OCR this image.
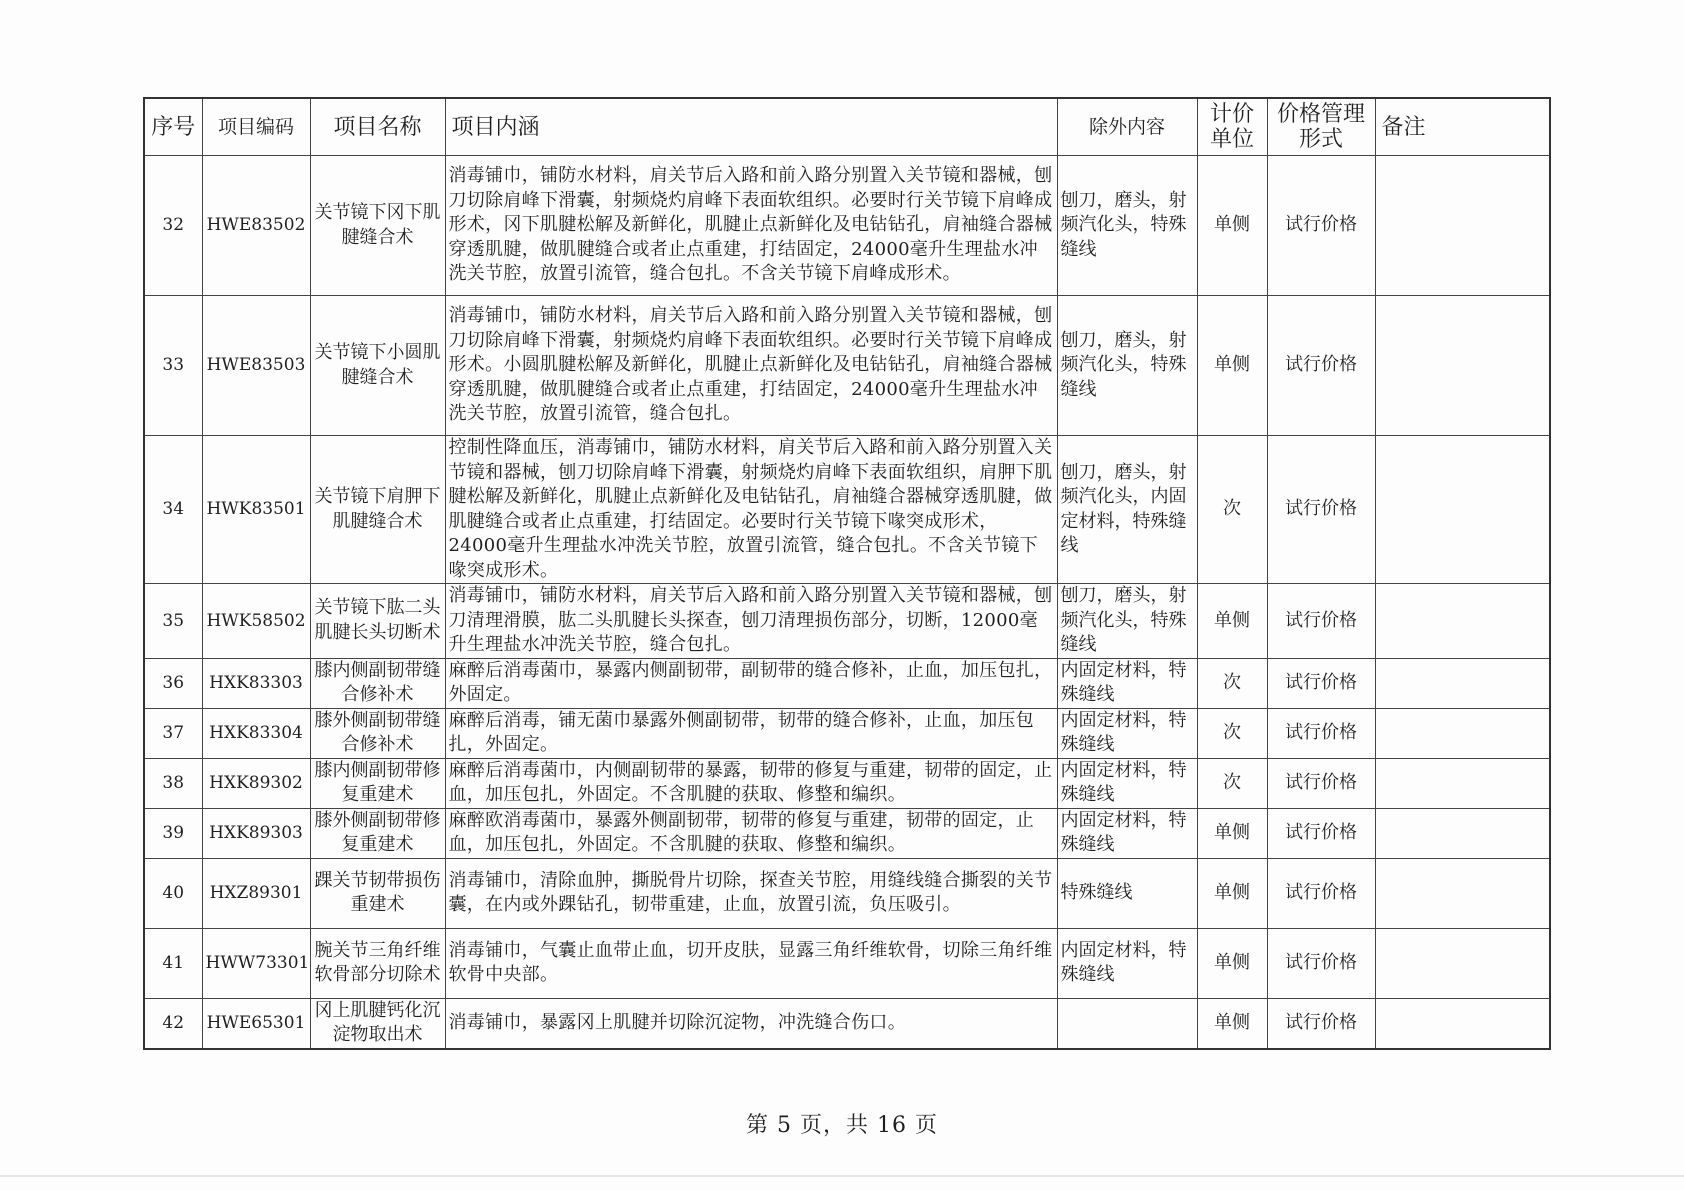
序号	项目编码	项目名称	项目内涵	除外内容	计价单位	价格管理形式	备注
32	HWE83502	关节镜下冈下肌腱缝合术	消毒铺巾，铺防水材料，肩关节后入路和前入路分别置入关节镜和器械，刨刀切除肩峰下滑囊，射频烧灼肩峰下表面软组织。必要时行关节镜下肩峰成形术，冈下肌腱松解及新鲜化，肌腱止点新鲜化及电钻钻孔，肩袖缝合器械穿透肌腱，做肌腱缝合或者止点重建，打结固定，24000毫升生理盐水冲洗关节腔，放置引流管，缝合包扎。不含关节镜下肩峰成形术。	刨刀，磨头，射频汽化头，特殊缝线	单侧	试行价格	
33	HWE83503	关节镜下小圆肌腱缝合术	消毒铺巾，铺防水材料，肩关节后入路和前入路分别置入关节镜和器械，刨刀切除肩峰下滑囊，射频烧灼肩峰下表面软组织。必要时行关节镜下肩峰成形术。小圆肌腱松解及新鲜化，肌腱止点新鲜化及电钻钻孔，肩袖缝合器械穿透肌腱，做肌腱缝合或者止点重建，打结固定，24000毫升生理盐水冲洗关节腔，放置引流管，缝合包扎。	刨刀，磨头，射频汽化头，特殊缝线	单侧	试行价格	
34	HWK83501	关节镜下肩胛下肌腱缝合术	控制性降血压，消毒铺巾，铺防水材料，肩关节后入路和前入路分别置入关节镜和器械，刨刀切除肩峰下滑囊，射频烧灼肩峰下表面软组织，肩胛下肌腱松解及新鲜化，肌腱止点新鲜化及电钻钻孔，肩袖缝合器械穿透肌腱，做肌腱缝合或者止点重建，打结固定。必要时行关节镜下喙突成形术，24000毫升生理盐水冲洗关节腔，放置引流管，缝合包扎。不含关节镜下喙突成形术。	刨刀，磨头，射频汽化头，内固定材料，特殊缝线	次	试行价格	
35	HWK58502	关节镜下肱二头肌腱长头切断术	消毒铺巾，铺防水材料，肩关节后入路和前入路分别置入关节镜和器械，刨刀清理滑膜，肱二头肌腱长头探查，刨刀清理损伤部分，切断，12000毫升生理盐水冲洗关节腔，缝合包扎。	刨刀，磨头，射频汽化头，特殊缝线	单侧	试行价格	
36	HXK83303	膝内侧副韧带缝合修补术	麻醉后消毒菌巾，暴露内侧副韧带，副韧带的缝合修补，止血，加压包扎，外固定。	内固定材料，特殊缝线	次	试行价格	
37	HXK83304	膝外侧副韧带缝合修补术	麻醉后消毒，铺无菌巾暴露外侧副韧带，韧带的缝合修补，止血，加压包扎，外固定。	内固定材料，特殊缝线	次	试行价格	
38	HXK89302	膝内侧副韧带修复重建术	麻醉后消毒菌巾，内侧副韧带的暴露，韧带的修复与重建，韧带的固定，止血，加压包扎，外固定。不含肌腱的获取、修整和编织。	内固定材料，特殊缝线	次	试行价格	
39	HXK89303	膝外侧副韧带修复重建术	麻醉欧消毒菌巾，暴露外侧副韧带，韧带的修复与重建，韧带的固定，止血，加压包扎，外固定。不含肌腱的获取、修整和编织。	内固定材料，特殊缝线	单侧	试行价格	
40	HXZ89301	踝关节韧带损伤重建术	消毒铺巾，清除血肿，撕脱骨片切除，探查关节腔，用缝线缝合撕裂的关节囊，在内或外踝钻孔，韧带重建，止血，放置引流，负压吸引。	特殊缝线	单侧	试行价格	
41	HWW73301	腕关节三角纤维软骨部分切除术	消毒铺巾，气囊止血带止血，切开皮肤，显露三角纤维软骨，切除三角纤维软骨中央部。	内固定材料，特殊缝线	单侧	试行价格	
42	HWE65301	冈上肌腱钙化沉淀物取出术	消毒铺巾，暴露冈上肌腱并切除沉淀物，冲洗缝合伤口。		单侧	试行价格	
第 5 页，共 16 页
